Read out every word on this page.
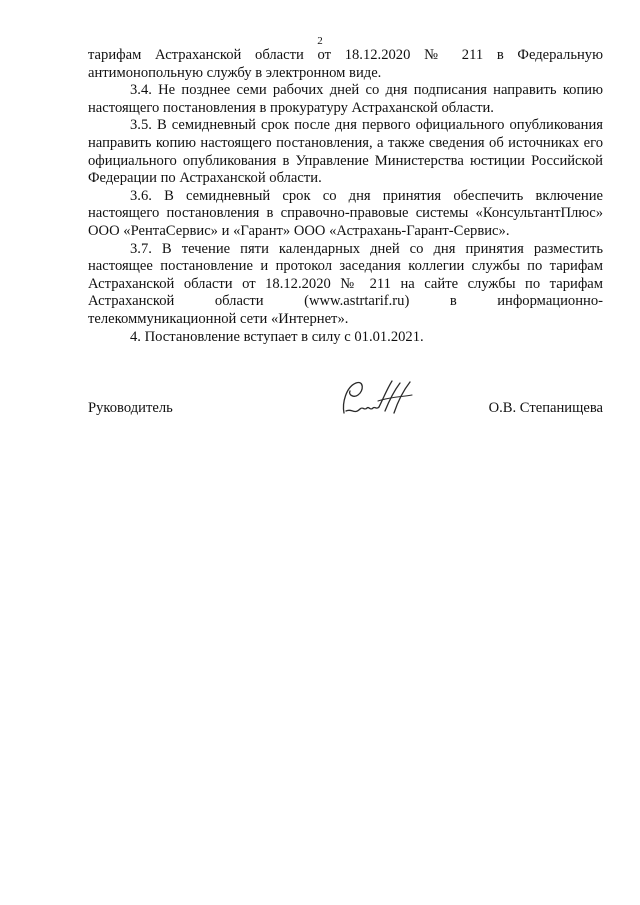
2

тарифам Астраханской области от 18.12.2020 № 211 в Федеральную антимонопольную службу в электронном виде.

3.4. Не позднее семи рабочих дней со дня подписания направить копию настоящего постановления в прокуратуру Астраханской области.

3.5. В семидневный срок после дня первого официального опубликования направить копию настоящего постановления, а также сведения об источниках его официального опубликования в Управление Министерства юстиции Российской Федерации по Астраханской области.

3.6. В семидневный срок со дня принятия обеспечить включение настоящего постановления в справочно-правовые системы «КонсультантПлюс» ООО «РентаСервис» и «Гарант» ООО «Астрахань-Гарант-Сервис».

3.7. В течение пяти календарных дней со дня принятия разместить настоящее постановление и протокол заседания коллегии службы по тарифам Астраханской области от 18.12.2020 № 211 на сайте службы по тарифам Астраханской области (www.astrtarif.ru) в информационно-телекоммуникационной сети «Интернет».

4. Постановление вступает в силу с 01.01.2021.

Руководитель	О.В. Степанищева
